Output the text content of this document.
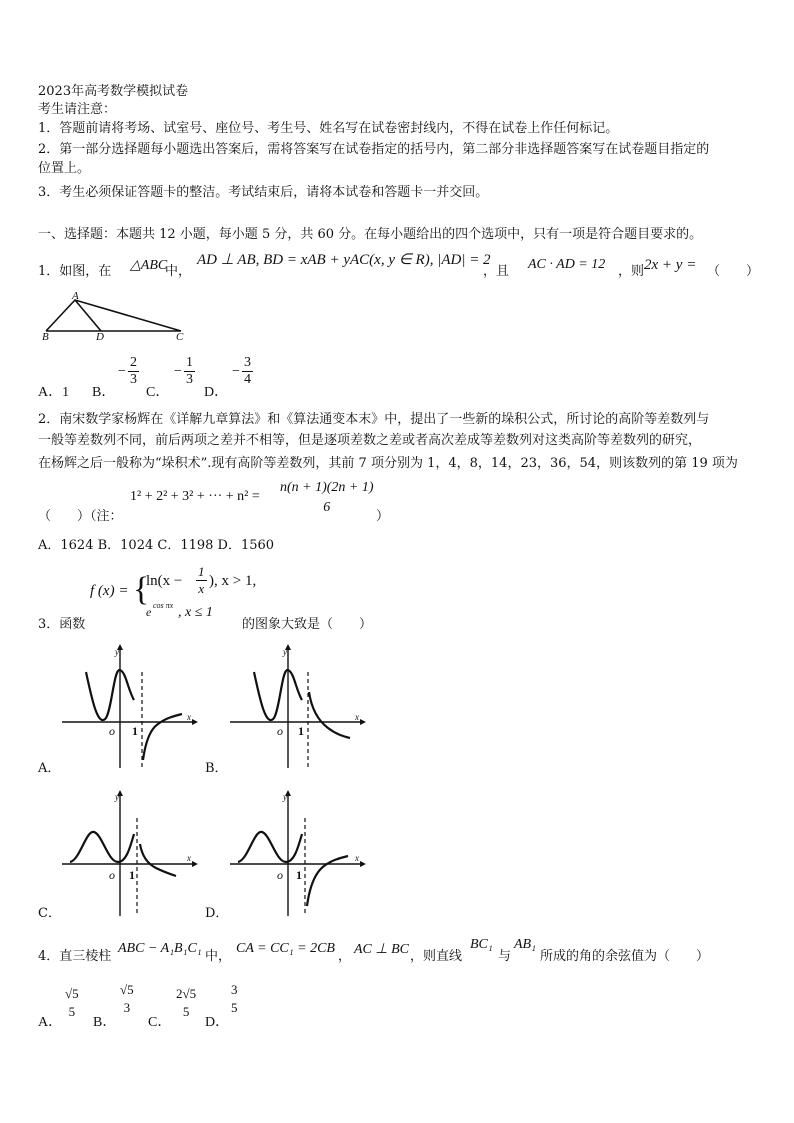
2023年高考数学模拟试卷
考生请注意：
1．答题前请将考场、试室号、座位号、考生号、姓名写在试卷密封线内，不得在试卷上作任何标记。
2．第一部分选择题每小题选出答案后，需将答案写在试卷指定的括号内，第二部分非选择题答案写在试卷题目指定的
位置上。
3．考生必须保证答题卡的整洁。考试结束后，请将本试卷和答题卡一并交回。
一、选择题：本题共 12 小题，每小题 5 分，共 60 分。在每小题给出的四个选项中，只有一项是符合题目要求的。
1．如图，在 △ABC
中，
AD ⊥ AB, BD = xAB + yAC(x, y ∈ R), |AD| = 2
，且 AC · AD = 12 ，则 2x + y = （　　）
A
B	D	C
A．1 B．
− $\frac{2}{3}$
C．
− $\frac{1}{3}$
D．
− $\frac{3}{4}$
2．南宋数学家杨辉在《详解九章算法》和《算法通变本末》中，提出了一些新的垛积公式，所讨论的高阶等差数列与
一般等差数列不同，前后两项之差并不相等，但是逐项差数之差或者高次差成等差数列对这类高阶等差数列的研究，
在杨辉之后一般称为“垛积术”.现有高阶等差数列，其前 7 项分别为 1，4，8，14，23，36，54，则该数列的第 19 项为
1² + 2² + 3² + ··· + n² =
n(n + 1)(2n + 1)
6
（　　）（注：	）
A．1624 B．1024 C．1198 D．1560
f (x) = {
$\ln(x - \frac{1}{x}$ ), x > 1,
e cos πx , x ≤ 1
3．函数	的图象大致是（　　）
y
x
o 1
A．
y
x
o 1
B．
y
x
o 1
C．
y
x
o 1
D．
4．直三棱柱
ABC − A₁B₁C₁
中，
CA = CC₁ = 2CB
， AC ⊥ BC ，则直线
BC₁
与
AB₁
所成的角的余弦值为（　　）
A．
√5
5
B．
√5
3
C．
2√5
5
D．
3
5
